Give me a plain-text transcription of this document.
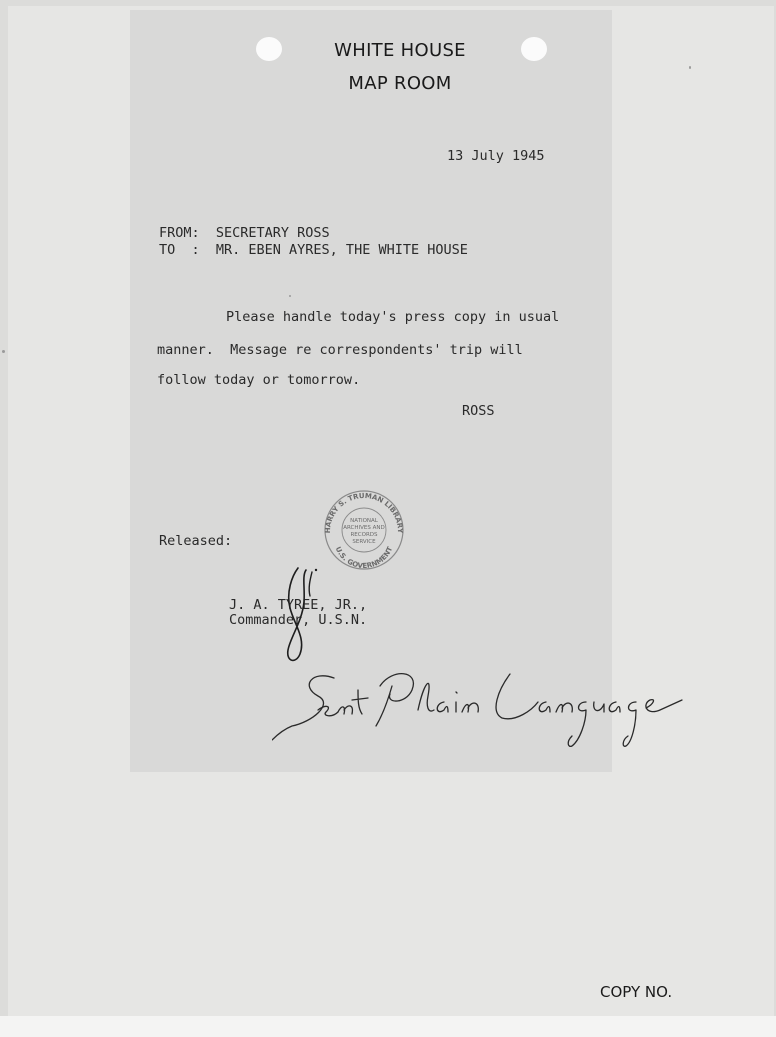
WHITE HOUSE
MAP ROOM
13 July 1945
FROM:  SECRETARY ROSS
TO  :  MR. EBEN AYRES, THE WHITE HOUSE
Please handle today's press copy in usual
manner.  Message re correspondents' trip will
follow today or tomorrow.
ROSS
HARRY S. TRUMAN LIBRARY
U.S. GOVERNMENT
NATIONAL
ARCHIVES AND
RECORDS
SERVICE
Released:
J. A. TYREE, JR.,
Commander, U.S.N.
Sent Plain Language
COPY NO.
